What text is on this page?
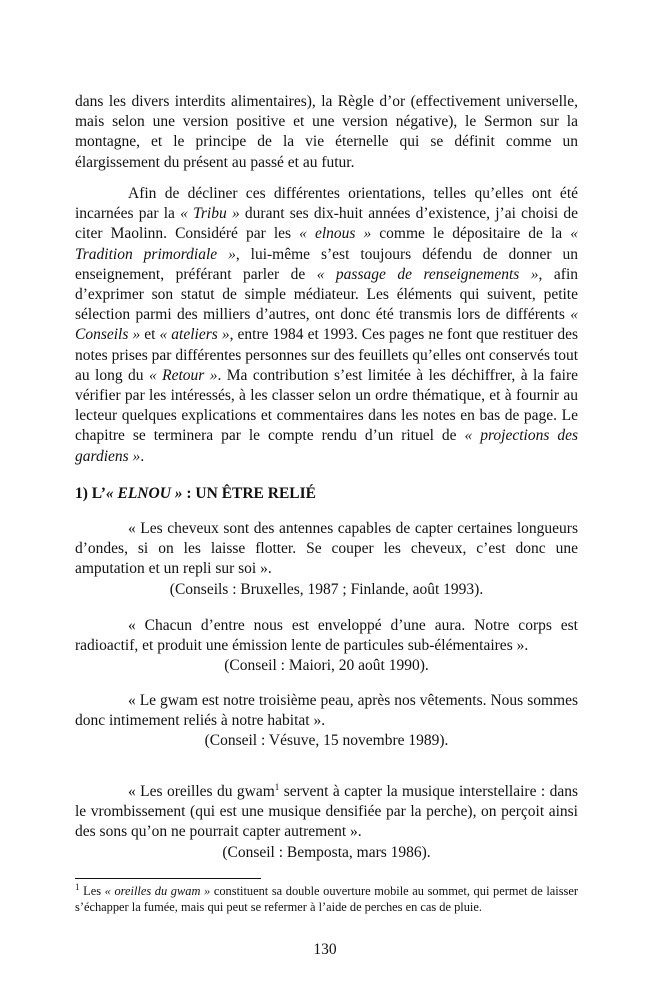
dans les divers interdits alimentaires), la Règle d’or (effectivement universelle, mais selon une version positive et une version négative), le Sermon sur la montagne, et le principe de la vie éternelle qui se définit comme un élargissement du présent au passé et au futur.

Afin de décliner ces différentes orientations, telles qu’elles ont été incarnées par la « Tribu » durant ses dix-huit années d’existence, j’ai choisi de citer Maolinn. Considéré par les « elnous » comme le dépositaire de la « Tradition primordiale », lui-même s’est toujours défendu de donner un enseignement, préférant parler de « passage de renseignements », afin d’exprimer son statut de simple médiateur. Les éléments qui suivent, petite sélection parmi des milliers d’autres, ont donc été transmis lors de différents « Conseils » et « ateliers », entre 1984 et 1993. Ces pages ne font que restituer des notes prises par différentes personnes sur des feuillets qu’elles ont conservés tout au long du « Retour ». Ma contribution s’est limitée à les déchiffrer, à la faire vérifier par les intéressés, à les classer selon un ordre thématique, et à fournir au lecteur quelques explications et commentaires dans les notes en bas de page. Le chapitre se terminera par le compte rendu d’un rituel de « projections des gardiens ».

1) L’« ELNOU » : UN ÊTRE RELIÉ

« Les cheveux sont des antennes capables de capter certaines longueurs d’ondes, si on les laisse flotter. Se couper les cheveux, c’est donc une amputation et un repli sur soi ».

(Conseils : Bruxelles, 1987 ; Finlande, août 1993).

« Chacun d’entre nous est enveloppé d’une aura. Notre corps est radioactif, et produit une émission lente de particules sub-élémentaires ».

(Conseil : Maiori, 20 août 1990).

« Le gwam est notre troisième peau, après nos vêtements. Nous sommes donc intimement reliés à notre habitat ».

(Conseil : Vésuve, 15 novembre 1989).

« Les oreilles du gwam$^1$ servent à capter la musique interstellaire : dans le vrombissement (qui est une musique densifiée par la perche), on perçoit ainsi des sons qu’on ne pourrait capter autrement ».

(Conseil : Bemposta, mars 1986).

$^1$ Les « oreilles du gwam » constituent sa double ouverture mobile au sommet, qui permet de laisser s’échapper la fumée, mais qui peut se refermer à l’aide de perches en cas de pluie.
130
